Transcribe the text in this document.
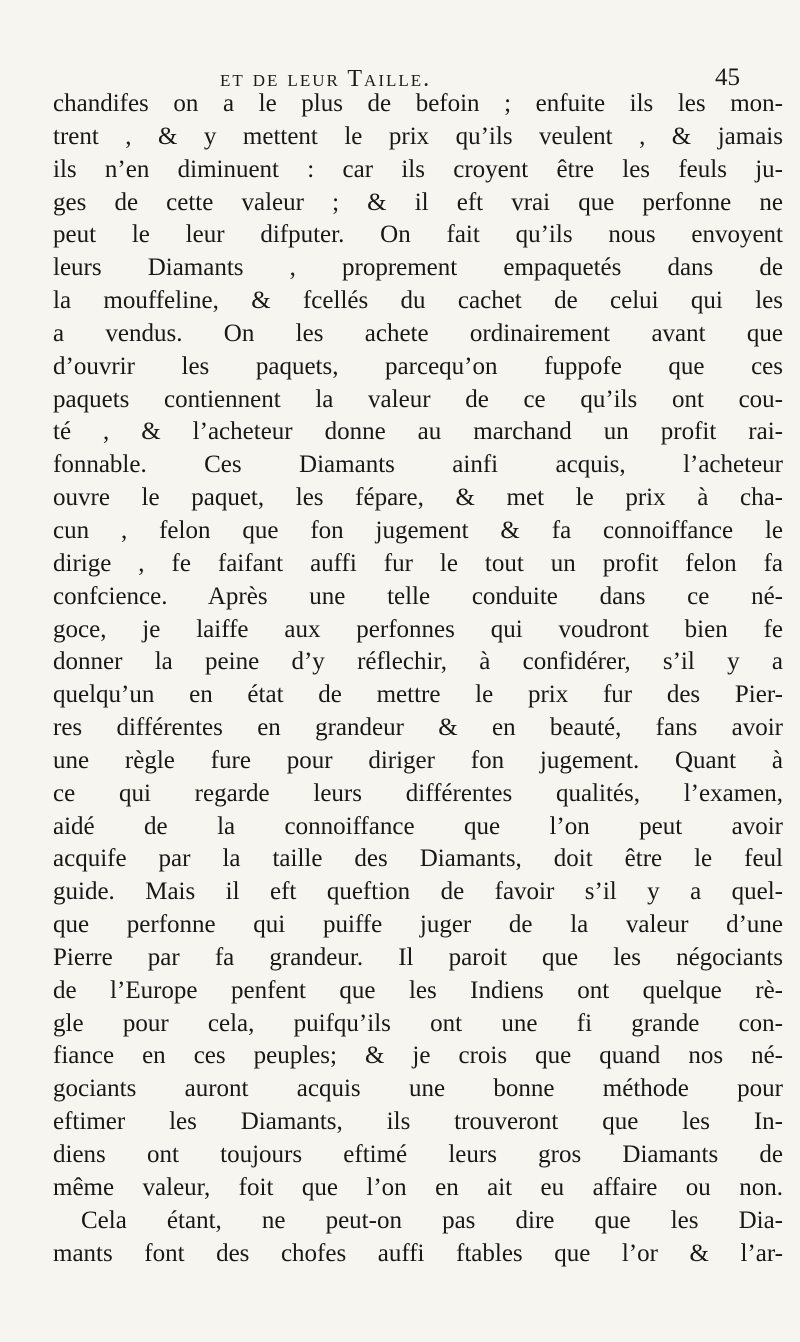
et de leur Taille.	45
chandifes on a le plus de befoin ; enfuite ils les mon-
trent , & y mettent le prix qu’ils veulent , & jamais
ils n’en diminuent : car ils croyent être les feuls ju-
ges de cette valeur ; & il eft vrai que perfonne ne
peut le leur difputer. On fait qu’ils nous envoyent
leurs Diamants , proprement empaquetés dans de
la mouffeline, & fcellés du cachet de celui qui les
a vendus. On les achete ordinairement avant que
d’ouvrir les paquets, parcequ’on fuppofe que ces
paquets contiennent la valeur de ce qu’ils ont cou-
té , & l’acheteur donne au marchand un profit rai-
fonnable. Ces Diamants ainfi acquis, l’acheteur
ouvre le paquet, les fépare, & met le prix à cha-
cun , felon que fon jugement & fa connoiffance le
dirige , fe faifant auffi fur le tout un profit felon fa
confcience. Après une telle conduite dans ce né-
goce, je laiffe aux perfonnes qui voudront bien fe
donner la peine d’y réflechir, à confidérer, s’il y a
quelqu’un en état de mettre le prix fur des Pier-
res différentes en grandeur & en beauté, fans avoir
une règle fure pour diriger fon jugement. Quant à
ce qui regarde leurs différentes qualités, l’examen,
aidé de la connoiffance que l’on peut avoir
acquife par la taille des Diamants, doit être le feul
guide. Mais il eft queftion de favoir s’il y a quel-
que perfonne qui puiffe juger de la valeur d’une
Pierre par fa grandeur. Il paroit que les négociants
de l’Europe penfent que les Indiens ont quelque rè-
gle pour cela, puifqu’ils ont une fi grande con-
fiance en ces peuples; & je crois que quand nos né-
gociants auront acquis une bonne méthode pour
eftimer les Diamants, ils trouveront que les In-
diens ont toujours eftimé leurs gros Diamants de
même valeur, foit que l’on en ait eu affaire ou non.
Cela étant, ne peut-on pas dire que les Dia-
mants font des chofes auffi ftables que l’or & l’ar-
